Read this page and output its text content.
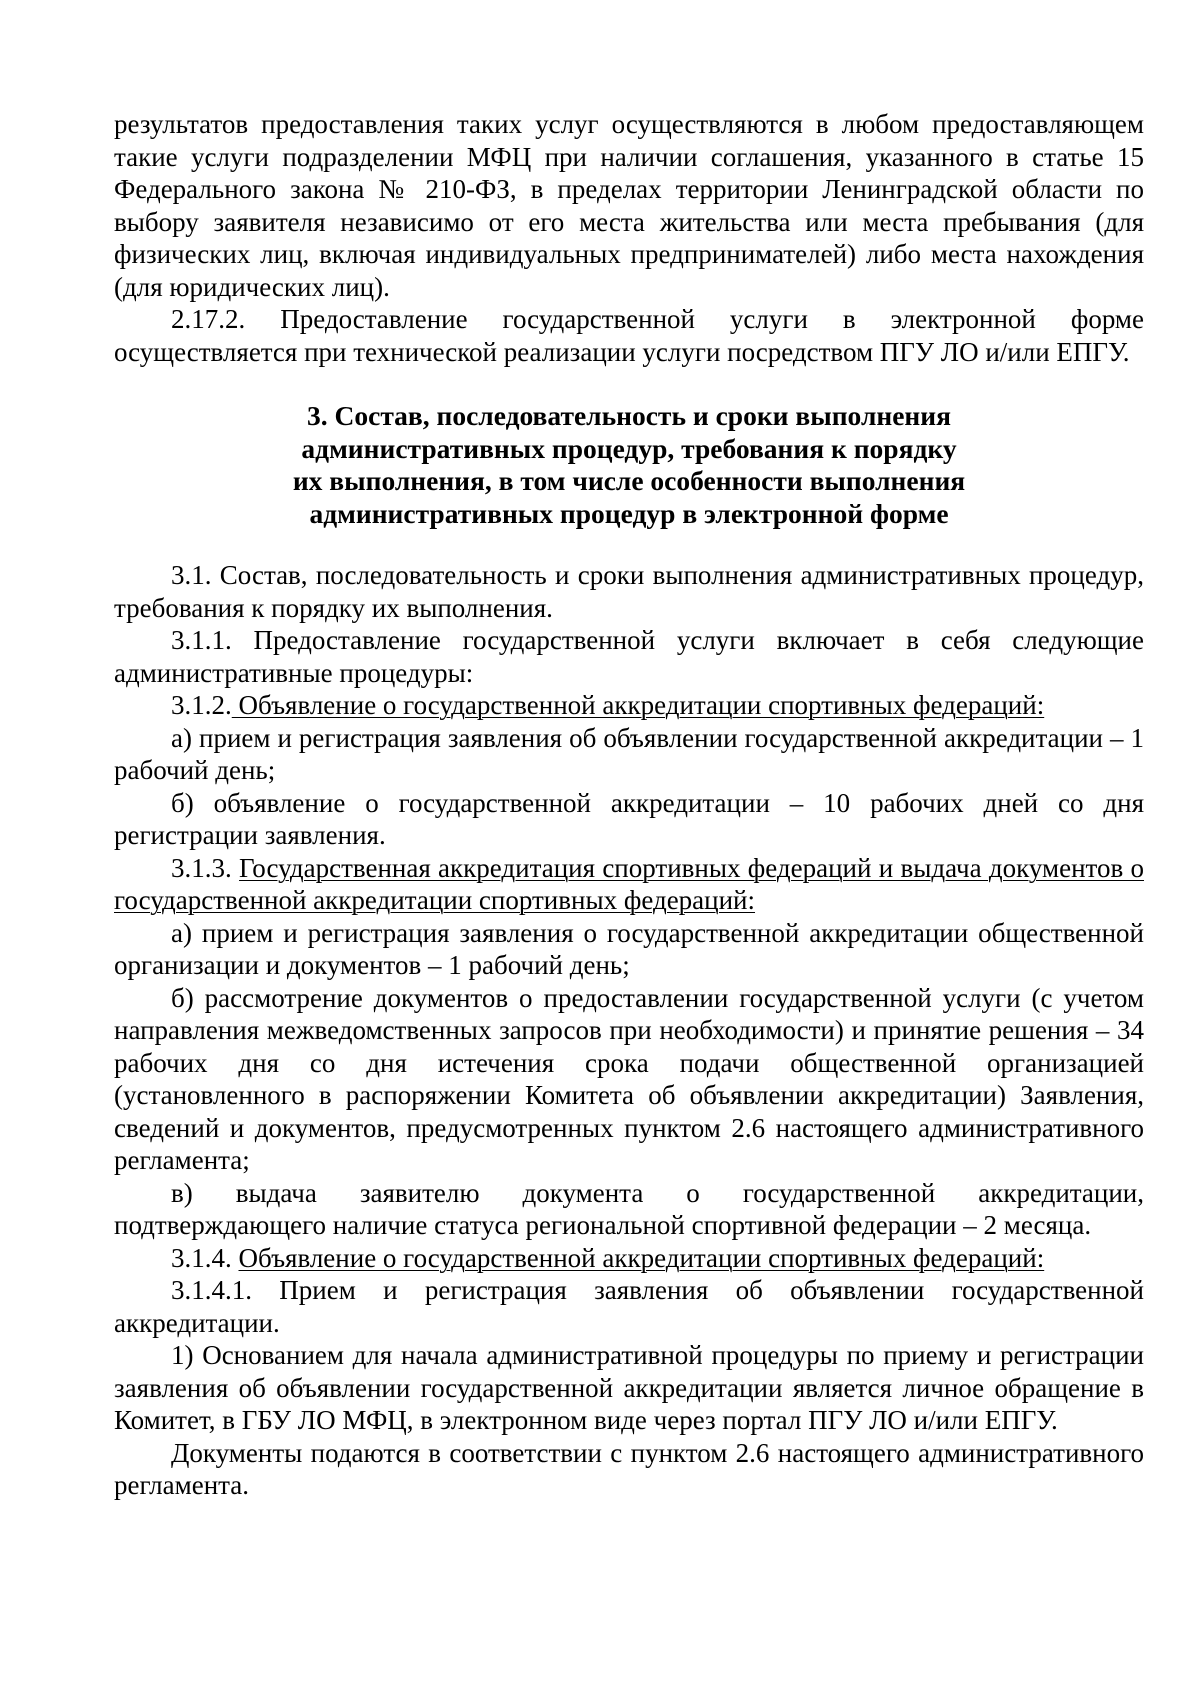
результатов предоставления таких услуг осуществляются в любом предоставляющем такие услуги подразделении МФЦ при наличии соглашения, указанного в статье 15 Федерального закона № 210-ФЗ, в пределах территории Ленинградской области по выбору заявителя независимо от его места жительства или места пребывания (для физических лиц, включая индивидуальных предпринимателей) либо места нахождения (для юридических лиц).

2.17.2. Предоставление государственной услуги в электронной форме осуществляется при технической реализации услуги посредством ПГУ ЛО и/или ЕПГУ.

3. Состав, последовательность и сроки выполнения
административных процедур, требования к порядку
их выполнения, в том числе особенности выполнения
административных процедур в электронной форме

3.1. Состав, последовательность и сроки выполнения административных процедур, требования к порядку их выполнения.

3.1.1. Предоставление государственной услуги включает в себя следующие административные процедуры:

3.1.2. Объявление о государственной аккредитации спортивных федераций:

а) прием и регистрация заявления об объявлении государственной аккредитации – 1 рабочий день;

б) объявление о государственной аккредитации – 10 рабочих дней со дня регистрации заявления.

3.1.3. Государственная аккредитация спортивных федераций и выдача документов о государственной аккредитации спортивных федераций:

а) прием и регистрация заявления о государственной аккредитации общественной организации и документов – 1 рабочий день;

б) рассмотрение документов о предоставлении государственной услуги (с учетом направления межведомственных запросов при необходимости) и принятие решения – 34 рабочих дня со дня истечения срока подачи общественной организацией (установленного в распоряжении Комитета об объявлении аккредитации) Заявления, сведений и документов, предусмотренных пунктом 2.6 настоящего административного регламента;

в) выдача заявителю документа о государственной аккредитации, подтверждающего наличие статуса региональной спортивной федерации – 2 месяца.

3.1.4. Объявление о государственной аккредитации спортивных федераций:

3.1.4.1. Прием и регистрация заявления об объявлении государственной аккредитации.

1) Основанием для начала административной процедуры по приему и регистрации заявления об объявлении государственной аккредитации является личное обращение в Комитет, в ГБУ ЛО МФЦ, в электронном виде через портал ПГУ ЛО и/или ЕПГУ.

Документы подаются в соответствии с пунктом 2.6 настоящего административного регламента.
